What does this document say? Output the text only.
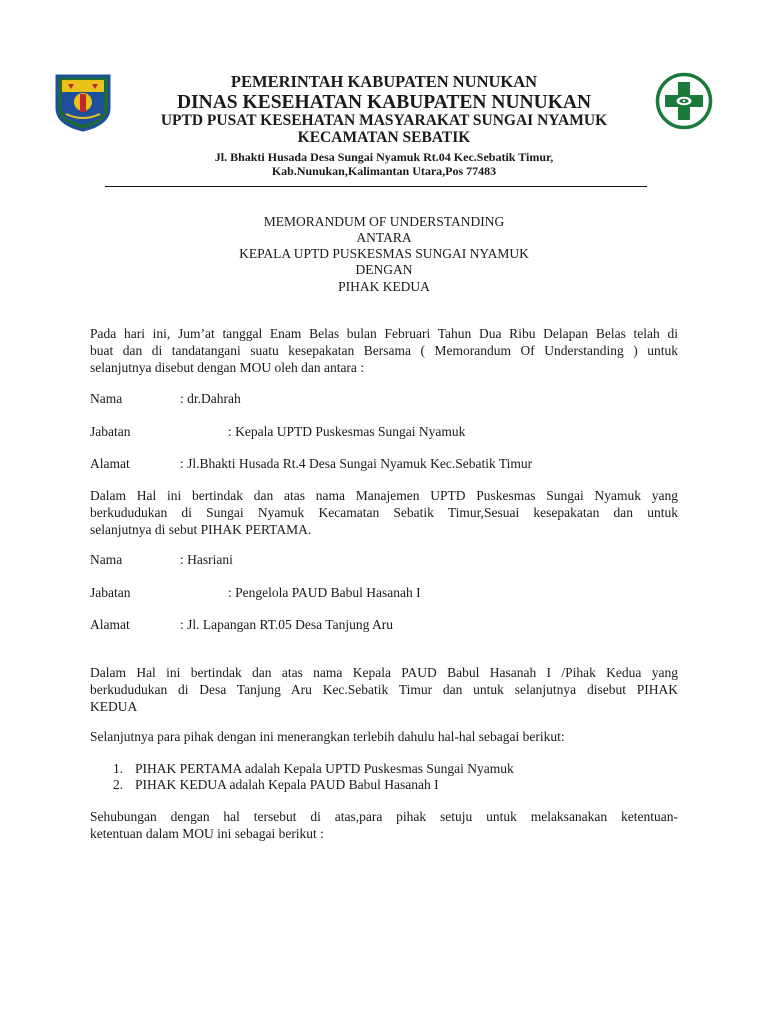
PEMERINTAH KABUPATEN NUNUKAN
DINAS KESEHATAN KABUPATEN NUNUKAN
UPTD PUSAT KESEHATAN MASYARAKAT SUNGAI NYAMUK
KECAMATAN SEBATIK
Jl. Bhakti Husada Desa Sungai Nyamuk Rt.04 Kec.Sebatik Timur,
Kab.Nunukan,Kalimantan Utara,Pos 77483
MEMORANDUM OF UNDERSTANDING
ANTARA
KEPALA UPTD PUSKESMAS SUNGAI NYAMUK
DENGAN
PIHAK KEDUA
Pada hari ini, Jum’at tanggal Enam Belas bulan Februari Tahun Dua Ribu Delapan Belas telah di
buat dan di tandatangani suatu kesepakatan Bersama ( Memorandum Of Understanding ) untuk
selanjutnya disebut dengan MOU oleh dan antara :
Nama	: dr.Dahrah
Jabatan	: Kepala UPTD Puskesmas Sungai Nyamuk
Alamat	: Jl.Bhakti Husada Rt.4 Desa Sungai Nyamuk Kec.Sebatik Timur
Dalam Hal ini bertindak dan atas nama Manajemen UPTD Puskesmas Sungai Nyamuk yang
berkududukan di Sungai Nyamuk Kecamatan Sebatik Timur,Sesuai kesepakatan dan untuk
selanjutnya di sebut PIHAK PERTAMA.
Nama	: Hasriani
Jabatan	: Pengelola PAUD Babul Hasanah I
Alamat	: Jl. Lapangan RT.05 Desa Tanjung Aru
Dalam Hal ini bertindak dan atas nama Kepala PAUD Babul Hasanah I /Pihak Kedua yang
berkududukan di Desa Tanjung Aru Kec.Sebatik Timur dan untuk selanjutnya disebut PIHAK
KEDUA
Selanjutnya para pihak dengan ini menerangkan terlebih dahulu hal-hal sebagai berikut:
1. PIHAK PERTAMA adalah Kepala UPTD Puskesmas Sungai Nyamuk
2. PIHAK KEDUA adalah Kepala PAUD Babul Hasanah I
Sehubungan dengan hal tersebut di atas,para pihak setuju untuk melaksanakan ketentuan-
ketentuan dalam MOU ini sebagai berikut :
